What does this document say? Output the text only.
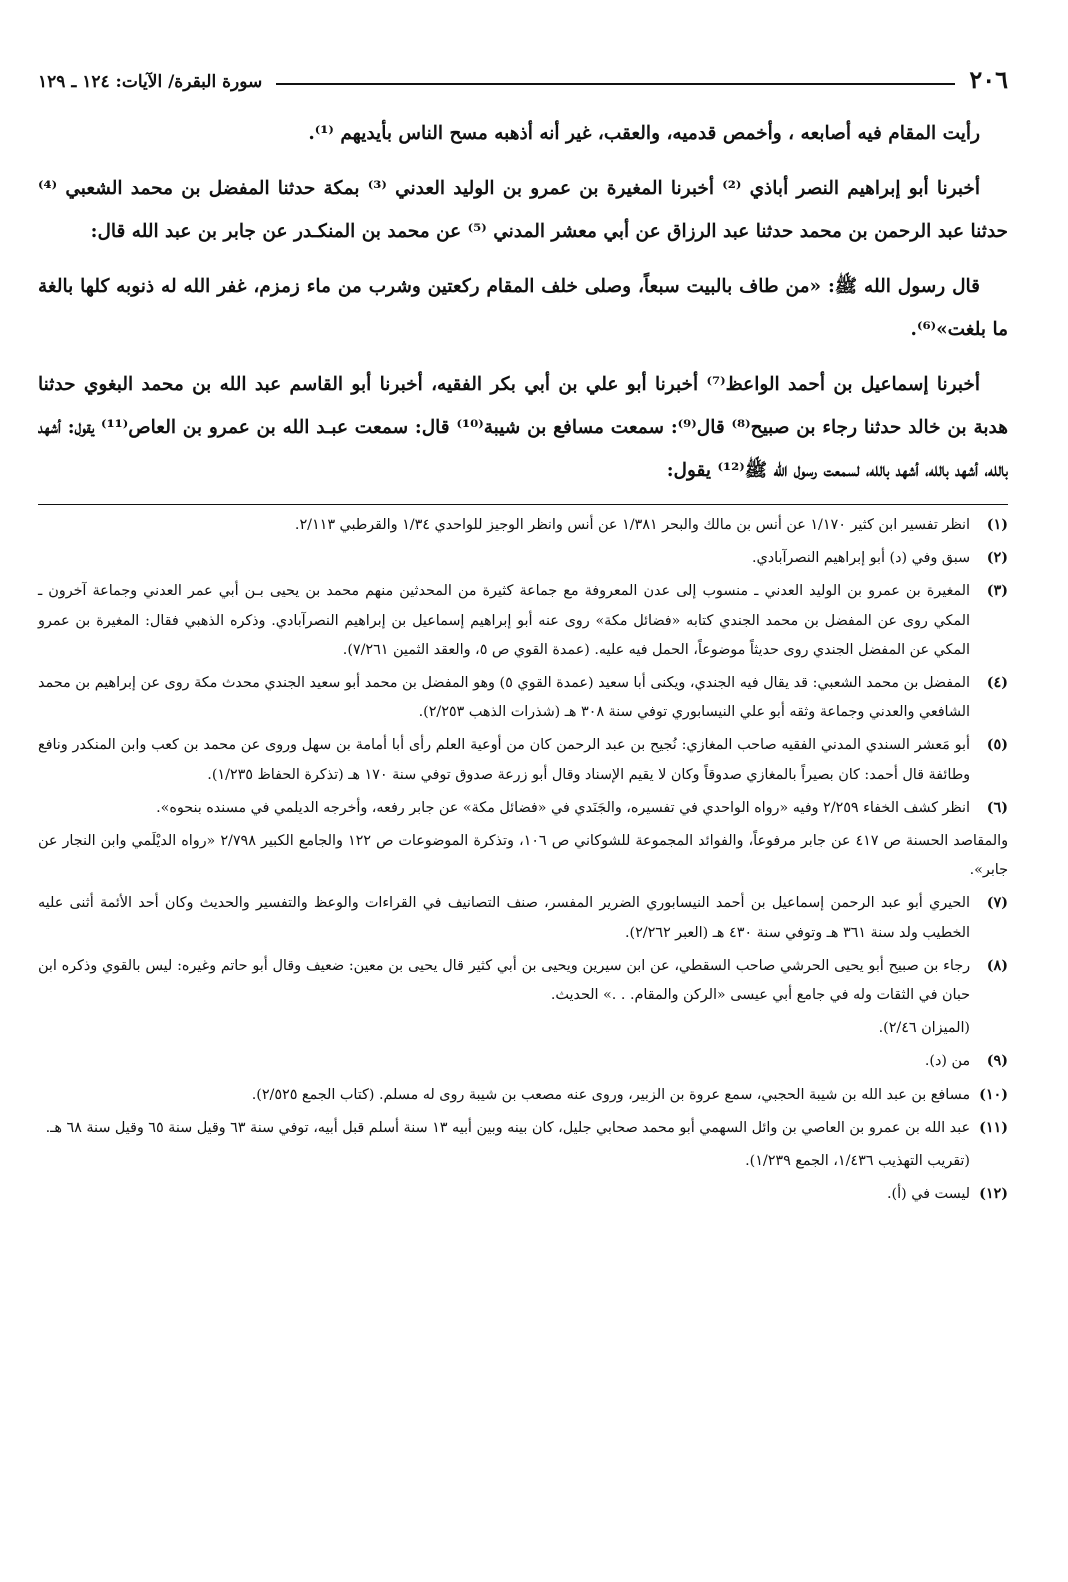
٢٠٦
سورة البقرة/ الآيات: ١٢٤ ـ ١٢٩

رأيت المقام فيه أصابعه ، وأخمص قدميه، والعقب، غير أنه أذهبه مسح الناس بأيديهم ⁽¹⁾.

أخبرنا أبو إبراهيم النصر أباذي ⁽²⁾ أخبرنا المغيرة بن عمرو بن الوليد العدني ⁽³⁾ بمكة حدثنا المفضل بن محمد الشعبي ⁽⁴⁾ حدثنا عبد الرحمن بن محمد حدثنا عبد الرزاق عن أبي معشر المدني ⁽⁵⁾ عن محمد بن المنكـدر عن جابر بن عبد الله قال:

قال رسول الله ﷺ: «من طاف بالبيت سبعاً، وصلى خلف المقام ركعتين وشرب من ماء زمزم، غفر الله له ذنوبه كلها بالغة ما بلغت»⁽⁶⁾.

أخبرنا إسماعيل بن أحمد الواعظ⁽⁷⁾ أخبرنا أبو علي بن أبي بكر الفقيه، أخبرنا أبو القاسم عبد الله بن محمد البغوي حدثنا هدبة بن خالد حدثنا رجاء بن صبيح⁽⁸⁾ قال⁽⁹⁾: سمعت مسافع بن شيبة⁽¹⁰⁾ قال: سمعت عبـد الله بن عمرو بن العاص⁽¹¹⁾ يقول: أشهد بالله، أشهد بالله، أشهد بالله، لسمعت رسول الله ﷺ⁽¹²⁾ يقول:

(١)
انظر تفسير ابن كثير ١/١٧٠ عن أنس بن مالك والبحر ١/٣٨١ عن أنس وانظر الوجيز للواحدي ١/٣٤ والقرطبي ٢/١١٣.
(٢)
سبق وفي (د) أبو إبراهيم النصرآبادي.
(٣)
المغيرة بن عمرو بن الوليد العدني ـ منسوب إلى عدن المعروفة مع جماعة كثيرة من المحدثين منهم محمد بن يحيى بـن أبي عمر العدني وجماعة آخرون ـ المكي روى عن المفضل بن محمد الجندي كتابه «فضائل مكة» روى عنه أبو إبراهيم إسماعيل بن إبراهيم النصرآبادي. وذكره الذهبي فقال: المغيرة بن عمرو المكي عن المفضل الجندي روى حديثاً موضوعاً، الحمل فيه عليه. (عمدة القوي ص ٥، والعقد الثمين ٧/٢٦١).
(٤)
المفضل بن محمد الشعبي: قد يقال فيه الجندي، ويكنى أبا سعيد (عمدة القوي ٥) وهو المفضل بن محمد أبو سعيد الجندي محدث مكة روى عن إبراهيم بن محمد الشافعي والعدني وجماعة وثقه أبو علي النيسابوري توفي سنة ٣٠٨ هـ (شذرات الذهب ٢/٢٥٣).
(٥)
أبو مَعشر السندي المدني الفقيه صاحب المغازي: نُجيح بن عبد الرحمن كان من أوعية العلم رأى أبا أمامة بن سهل وروى عن محمد بن كعب وابن المنكدر ونافع وطائفة قال أحمد: كان بصيراً بالمغازي صدوقاً وكان لا يقيم الإسناد وقال أبو زرعة صدوق توفي سنة ١٧٠ هـ (تذكرة الحفاظ ١/٢٣٥).
(٦)
انظر كشف الخفاء ٢/٢٥٩ وفيه «رواه الواحدي في تفسيره، والجَنَدي في «فضائل مكة» عن جابر رفعه، وأخرجه الديلمي في مسنده بنحوه».
والمقاصد الحسنة ص ٤١٧ عن جابر مرفوعاً، والفوائد المجموعة للشوكاني ص ١٠٦، وتذكرة الموضوعات ص ١٢٢ والجامع الكبير ٢/٧٩٨ «رواه الديْلَمي وابن النجار عن جابر».
(٧)
الحيري أبو عبد الرحمن إسماعيل بن أحمد النيسابوري الضرير المفسر، صنف التصانيف في القراءات والوعظ والتفسير والحديث وكان أحد الأئمة أثنى عليه الخطيب ولد سنة ٣٦١ هـ وتوفي سنة ٤٣٠ هـ (العبر ٢/٢٦٢).
(٨)
رجاء بن صبيح أبو يحيى الحرشي صاحب السقطي، عن ابن سيرين ويحيى بن أبي كثير قال يحيى بن معين: ضعيف وقال أبو حاتم وغيره: ليس بالقوي وذكره ابن حبان في الثقات وله في جامع أبي عيسى «الركن والمقام. . .» الحديث.
(الميزان ٢/٤٦).
(٩)
من (د).
(١٠)
مسافع بن عبد الله بن شيبة الحجبي، سمع عروة بن الزبير، وروى عنه مصعب بن شيبة روى له مسلم. (كتاب الجمع ٢/٥٢٥).
(١١)
عبد الله بن عمرو بن العاصي بن وائل السهمي أبو محمد صحابي جليل، كان بينه وبين أبيه ١٣ سنة أسلم قبل أبيه، توفي سنة ٦٣ وقيل سنة ٦٥ وقيل سنة ٦٨ هـ.
(تقريب التهذيب ١/٤٣٦، الجمع ١/٢٣٩).
(١٢)
ليست في (أ).
